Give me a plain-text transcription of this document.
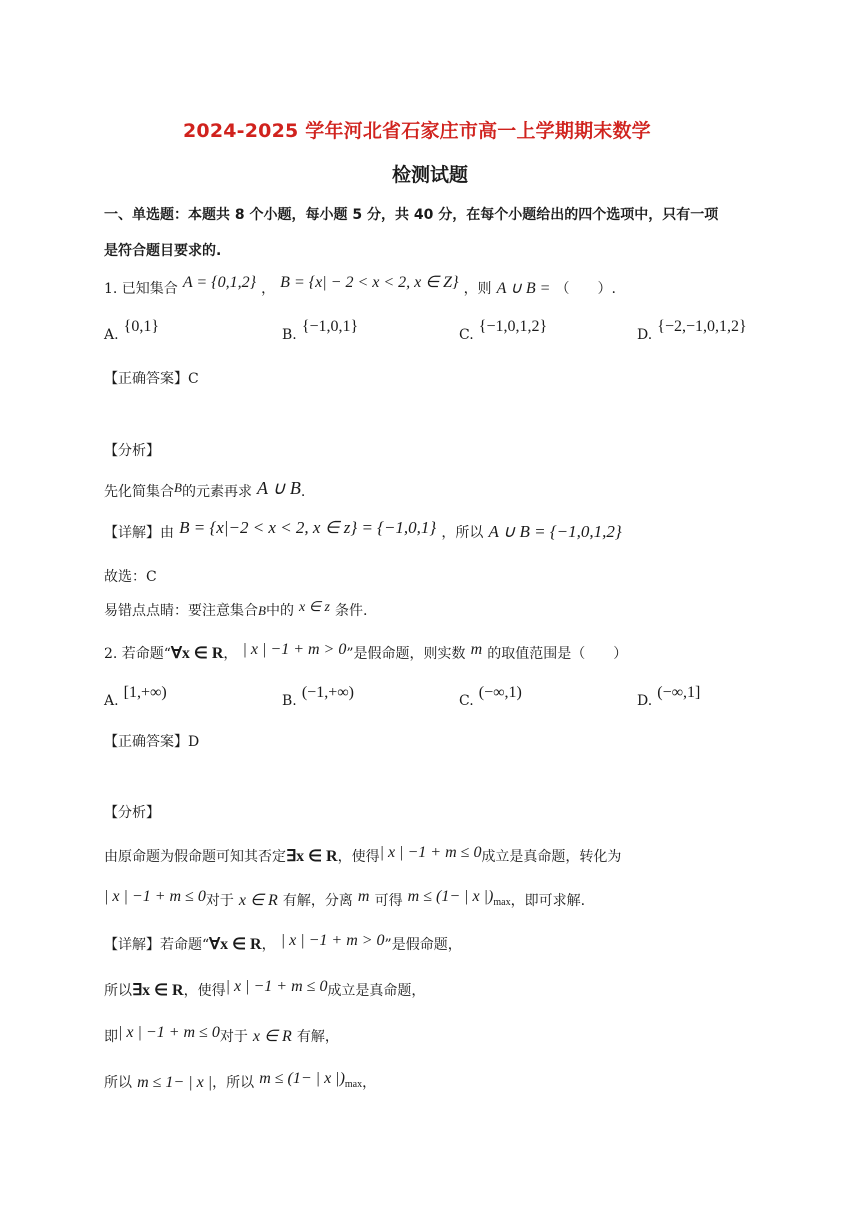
2024-2025 学年河北省石家庄市高一上学期期末数学
检测试题
一、单选题：本题共 8 个小题，每小题 5 分，共 40 分，在每个小题给出的四个选项中，只有一项
是符合题目要求的.
1. 已知集合 A = {0,1,2} ， B = {x| − 2 < x < 2, x ∈ Z} ，则 A ∪ B = （　　）.
A. {0,1}	B. {−1,0,1}	C. {−1,0,1,2}	D. {−2,−1,0,1,2}
【正确答案】C
【分析】
先化简集合$^B$的元素再求 A ∪ B.
【详解】由 B = {x|−2 < x < 2, x ∈ z} = {−1,0,1} ，所以 A ∪ B = {−1,0,1,2}
故选：C
易错点点睛：要注意集合B中的 x ∈ z 条件.
2. 若命题“∀x ∈ R， | x | −1 + m > 0”是假命题，则实数 m 的取值范围是（　　）
A. [1,+∞)	B. (−1,+∞)	C. (−∞,1)	D. (−∞,1]
【正确答案】D
【分析】
由原命题为假命题可知其否定∃x ∈ R，使得| x | −1 + m ≤ 0成立是真命题，转化为
| x | −1 + m ≤ 0对于 x ∈ R 有解，分离 m 可得 m ≤ (1− | x |)max，即可求解.
【详解】若命题“∀x ∈ R， | x | −1 + m > 0”是假命题，
所以∃x ∈ R，使得| x | −1 + m ≤ 0成立是真命题，
即| x | −1 + m ≤ 0对于 x ∈ R 有解，
所以 m ≤ 1− | x |，所以 m ≤ (1− | x |)max，
